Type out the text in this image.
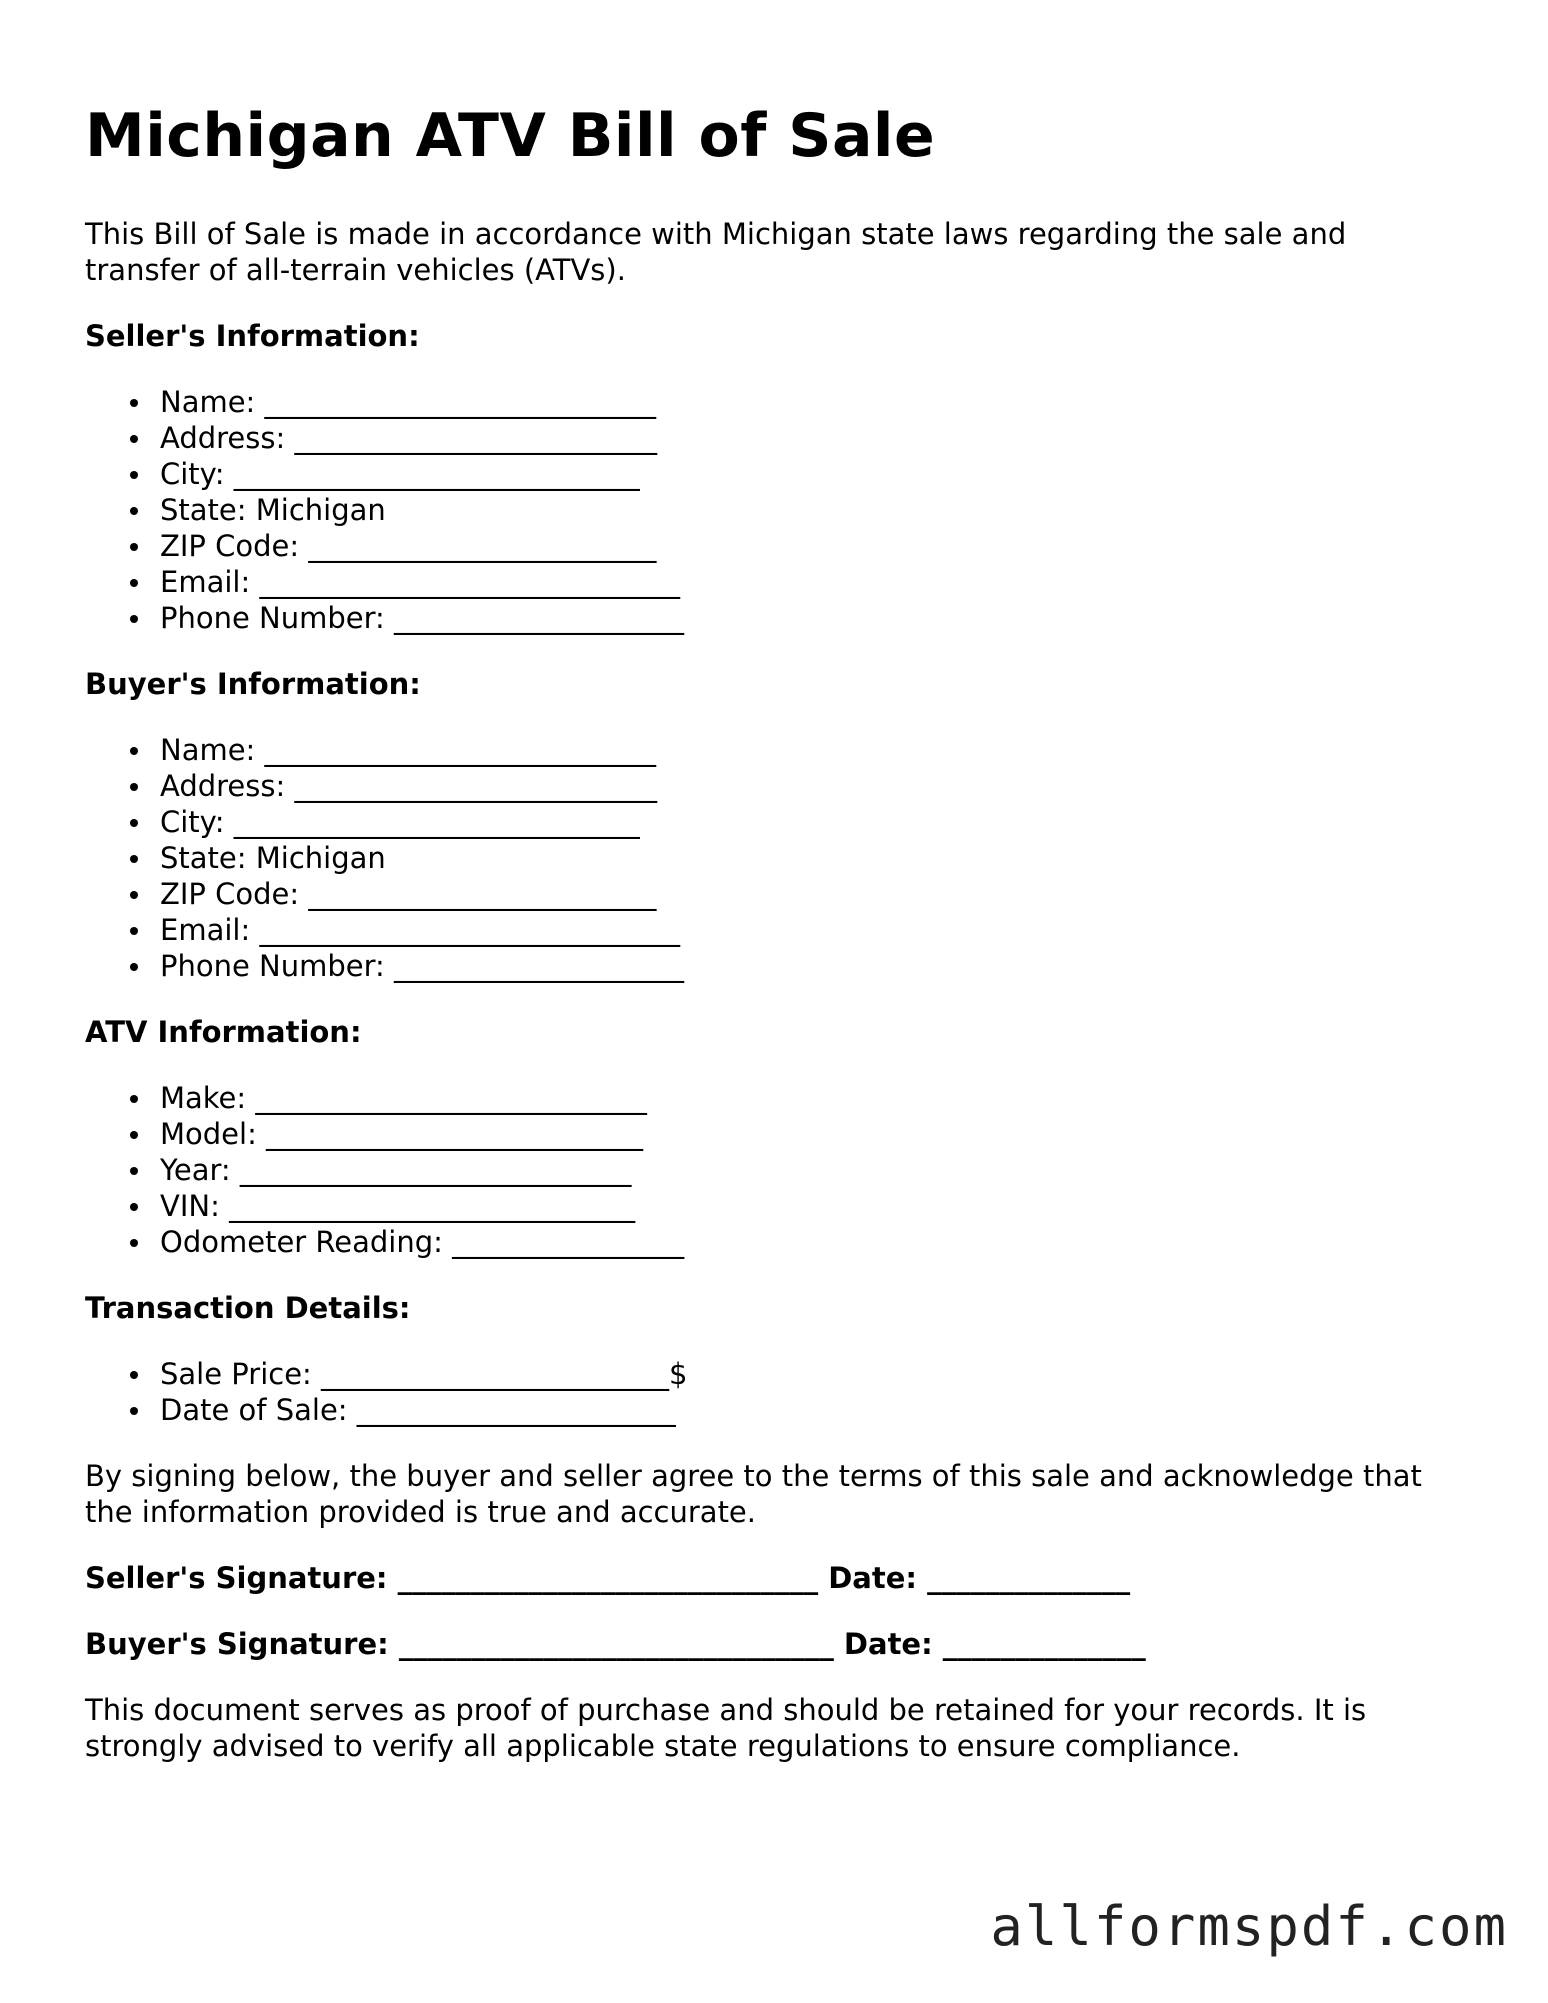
Michigan ATV Bill of Sale

This Bill of Sale is made in accordance with Michigan state laws regarding the sale and transfer of all-terrain vehicles (ATVs).

Seller's Information:
Name: ___________________________
Address: _________________________
City: ____________________________
State: Michigan
ZIP Code: ________________________
Email: _____________________________
Phone Number: ____________________
Buyer's Information:
Name: ___________________________
Address: _________________________
City: ____________________________
State: Michigan
ZIP Code: ________________________
Email: _____________________________
Phone Number: ____________________
ATV Information:
Make: ___________________________
Model: __________________________
Year: ___________________________
VIN: ____________________________
Odometer Reading: ________________
Transaction Details:
Sale Price: ________________________$
Date of Sale: ______________________

By signing below, the buyer and seller agree to the terms of this sale and acknowledge that the information provided is true and accurate.

Seller's Signature: _____________________________ Date: ______________
Buyer's Signature: ______________________________ Date: ______________

This document serves as proof of purchase and should be retained for your records. It is strongly advised to verify all applicable state regulations to ensure compliance.

allformspdf.com
